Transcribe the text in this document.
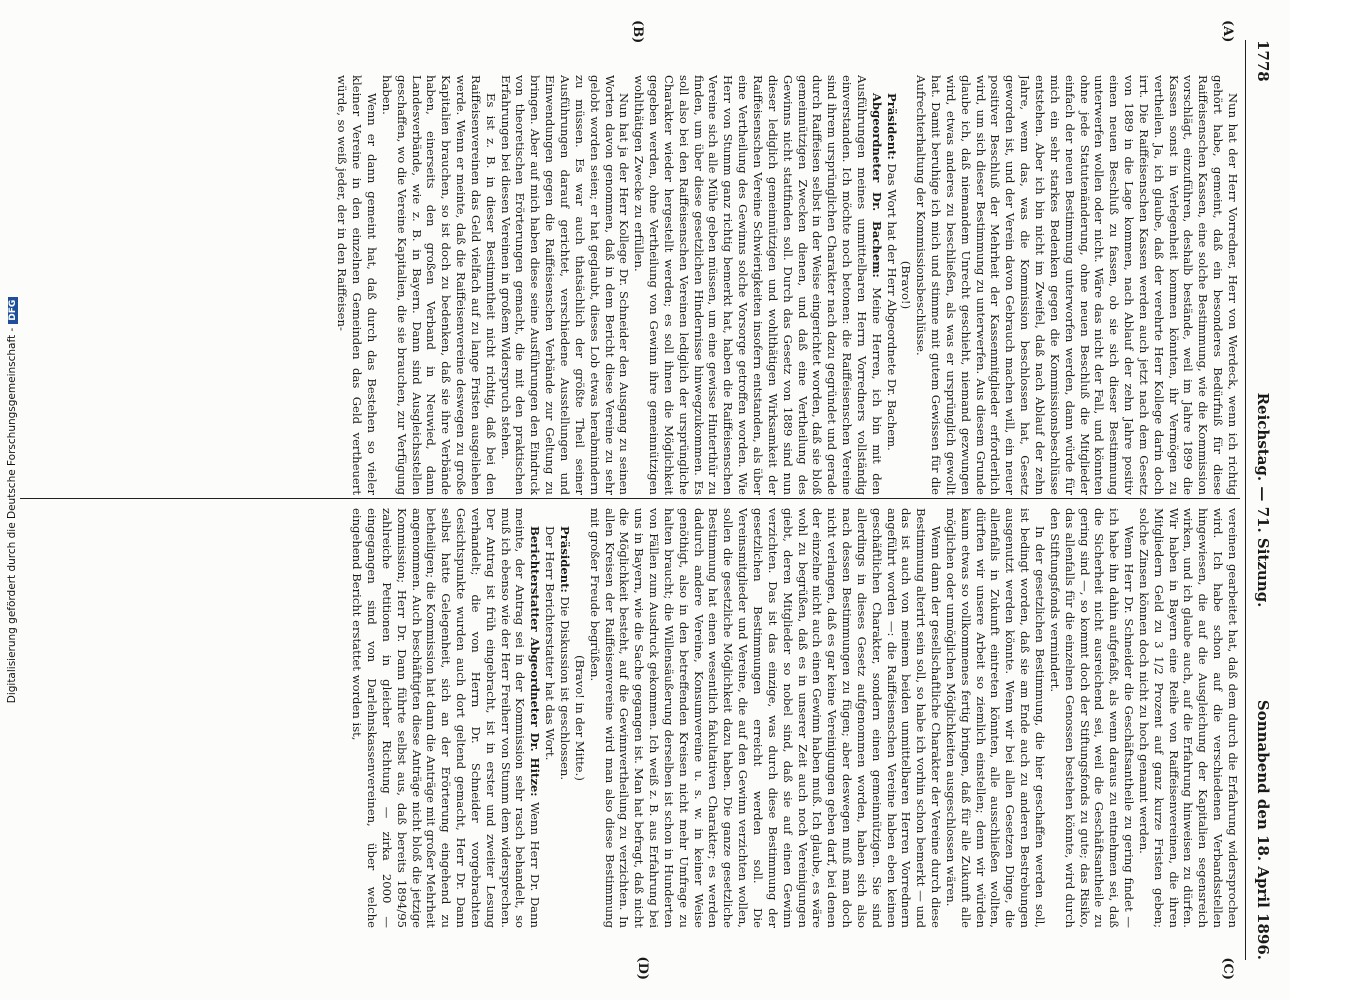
1778
Reichstag. — 71. Sitzung.
Sonnabend den 18. April 1896.
(A)
(B)
(C)
(D)

Nun hat der Herr Vorredner, Herr von Werdeck, wenn ich richtig gehört habe, gemeint, daß ein besonderes Bedürfniß für diese Raiffeisenschen Kassen, eine solche Bestimmung, wie die Kommission vorschlägt, einzuführen, deshalb bestände, weil im Jahre 1899 die Kassen sonst in Verlegenheit kommen könnten, ihr Vermögen zu vertheilen. Ja, ich glaube, daß der verehrte Herr Kollege darin doch irrt. Die Raiffeisenschen Kassen werden auch jetzt nach dem Gesetz von 1889 in die Lage kommen, nach Ablauf der zehn Jahre positiv einen neuen Beschluß zu fassen, ob sie sich dieser Bestimmung unterwerfen wollen oder nicht. Wäre das nicht der Fall, und könnten ohne jede Statutenänderung, ohne neuen Beschluß die Mitglieder einfach der neuen Bestimmung unterworfen werden, dann würde für mich ein sehr starkes Bedenken gegen die Kommissionsbeschlüsse entstehen. Aber ich bin nicht im Zweifel, daß nach Ablauf der zehn Jahre, wenn das, was die Kommission beschlossen hat, Gesetz geworden ist, und der Verein davon Gebrauch machen will, ein neuer positiver Beschluß der Mehrheit der Kassenmitglieder erforderlich wird, um sich dieser Bestimmung zu unterwerfen. Aus diesem Grunde glaube ich, daß niemandem Unrecht geschieht, niemand gezwungen wird, etwas anderes zu beschließen, als was er ursprünglich gewollt hat. Damit beruhige ich mich und stimme mit gutem Gewissen für die Aufrechterhaltung der Kommissionsbeschlüsse.

(Bravo!)

Präsident: Das Wort hat der Herr Abgeordnete Dr. Bachem.

Abgeordneter Dr. Bachem: Meine Herren, ich bin mit den Ausführungen meines unmittelbaren Herrn Vorredners vollständig einverstanden. Ich möchte noch betonen: die Raiffeisenschen Vereine sind ihrem ursprünglichen Charakter nach dazu gegründet und gerade durch Raiffeisen selbst in der Weise eingerichtet worden, daß sie bloß gemeinnützigen Zwecken dienen, und daß eine Vertheilung des Gewinns nicht stattfinden soll. Durch das Gesetz von 1889 sind nun dieser lediglich gemeinnützigen und wohlthätigen Wirksamkeit der Raiffeisenschen Vereine Schwierigkeiten insofern entstanden, als über eine Vertheilung des Gewinns solche Vorsorge getroffen worden. Wie Herr von Stumm ganz richtig bemerkt hat, haben die Raiffeisenschen Vereine sich alle Mühe geben müssen, um eine gewisse Hinterthür zu finden, um über diese gesetzlichen Hindernisse hinwegzukommen. Es soll also bei den Raiffeisenschen Vereinen lediglich der ursprüngliche Charakter wieder hergestellt werden; es soll ihnen die Möglichkeit gegeben werden, ohne Vertheilung von Gewinn ihre gemeinnützigen wohlthätigen Zwecke zu erfüllen.

Nun hat ja der Herr Kollege Dr. Schneider den Ausgang zu seinen Worten davon genommen, daß in dem Bericht diese Vereine zu sehr gelobt worden seien; er hat geglaubt, dieses Lob etwas herabmindern zu müssen. Es war auch thatsächlich der größte Theil seiner Ausführungen darauf gerichtet, verschiedene Ausstellungen und Einwendungen gegen die Raiffeisenschen Verbände zur Geltung zu bringen. Aber auf mich haben diese seine Ausführungen den Eindruck von theoretischen Erörterungen gemacht, die mit den praktischen Erfahrungen bei diesen Vereinen in großem Widerspruch stehen.

Es ist z. B. in dieser Bestimmtheit nicht richtig, daß bei den Raiffeisenvereinen das Geld vielfach auf zu lange Fristen ausgeliehen werde. Wenn er meinte, daß die Raiffeisenvereine deswegen zu große Kapitalien brauchen, so ist doch zu bedenken, daß sie ihre Verbände haben, einerseits den großen Verband in Neuwied, dann Landesverbände, wie z. B. in Bayern. Dann sind Ausgleichsstellen geschaffen, wo die Vereine Kapitalien, die sie brauchen, zur Verfügung haben.

Wenn er dann gemeint hat, daß durch das Bestehen so vieler kleiner Vereine in den einzelnen Gemeinden das Geld vertheuert würde, so weiß jeder, der in den Raiffeisen-

vereinen gearbeitet hat, daß dem durch die Erfahrung widersprochen wird. Ich habe schon auf die verschiedenen Verbandsstellen hingewiesen, die auf die Ausgleichung der Kapitalien segensreich wirken, und ich glaube auch, auf die Erfahrung hinweisen zu dürfen. Wir haben in Bayern eine Reihe von Raiffeisenvereinen, die ihren Mitgliedern Geld zu 3 1/2 Prozent auf ganz kurze Fristen geben; solche Zinsen können doch nicht zu hoch genannt werden.

Wenn Herr Dr. Schneider die Geschäftsantheile zu gering findet — ich habe ihn dahin aufgefaßt, als wenn daraus zu entnehmen sei, daß die Sicherheit nicht ausreichend sei, weil die Geschäftsantheile zu gering sind —, so kommt doch der Stiftungsfonds zu gute; das Risiko, das allenfalls für die einzelnen Genossen bestehen könnte, wird durch den Stiftungsfonds vermindert.

In der gesetzlichen Bestimmung, die hier geschaffen werden soll, ist bedingt worden, daß sie am Ende auch zu anderen Bestrebungen ausgenutzt werden könnte. Wenn wir bei allen Gesetzen Dinge, die allenfalls in Zukunft eintreten könnten, alle ausschließen wollten, dürften wir unsere Arbeit so ziemlich einstellen; denn wir würden kaum etwas so vollkommenes fertig bringen, daß für alle Zukunft alle möglichen oder unmöglichen Möglichkeiten ausgeschlossen wären.

Wenn dann der gesellschaftliche Charakter der Vereine durch diese Bestimmung alterirt sein soll, so habe ich vorhin schon bemerkt — und das ist auch von meinem beiden unmittelbaren Herren Vorrednern angeführt worden —: die Raiffeisenschen Vereine haben eben keinen geschäftlichen Charakter, sondern einen gemeinnützigen. Sie sind allerdings in dieses Gesetz aufgenommen worden, haben sich also nach dessen Bestimmungen zu fügen; aber deswegen muß man doch nicht verlangen, daß es gar keine Vereinigungen geben darf, bei denen der einzelne nicht auch einen Gewinn haben muß. Ich glaube, es wäre wohl zu begrüßen, daß es in unserer Zeit auch noch Vereinigungen giebt, deren Mitglieder so nobel sind, daß sie auf einen Gewinn verzichten. Das ist das einzige, was durch diese Bestimmung der gesetzlichen Bestimmungen erreicht werden soll. Die Vereinsmitglieder und Vereine, die auf den Gewinn verzichten wollen, sollen die gesetzliche Möglichkeit dazu haben. Die ganze gesetzliche Bestimmung hat einen wesentlich fakultativen Charakter; es werden dadurch andere Vereine, Konsumvereine u. s. w. in keiner Weise genöthigt, also in den betreffenden Kreisen nicht mehr Umfrage zu halten braucht; die Willensäußerung derselben ist schon in Hunderten von Fällen zum Ausdruck gekommen. Ich weiß z. B. aus Erfahrung bei uns in Bayern, wie die Sache gegangen ist. Man hat befragt, daß nicht die Möglichkeit besteht, auf die Gewinnvertheilung zu verzichten. In allen Kreisen der Raiffeisenvereine wird man also diese Bestimmung mit großer Freude begrüßen.

(Bravo! in der Mitte.)

Präsident: Die Diskussion ist geschlossen.

Der Herr Berichterstatter hat das Wort.

Berichterstatter Abgeordneter Dr. Hitze: Wenn Herr Dr. Dann meinte, der Antrag sei in der Kommission sehr rasch behandelt, so muß ich ebenso wie der Herr Freiherr von Stumm dem widersprechen. Der Antrag ist früh eingebracht, ist in erster und zweiter Lesung verhandelt; die von Herrn Dr. Schneider vorgebrachten Gesichtspunkte wurden auch dort geltend gemacht, Herr Dr. Dann selbst hatte Gelegenheit, sich an der Erörterung eingehend zu betheiligen; die Kommission hat dann die Anträge mit großer Mehrheit angenommen. Auch beschäftigten diese Anträge nicht bloß die jetzige Kommission; Herr Dr. Dann führte selbst aus, daß bereits 1894/95 zahlreiche Petitionen in gleicher Richtung — zirka 2000 — eingegangen sind von Darlehnskassenvereinen, über welche eingehend Bericht erstattet worden ist,

Digitalisierung gefördert durch die Deutsche Forschungsgemeinschaft -DFG
